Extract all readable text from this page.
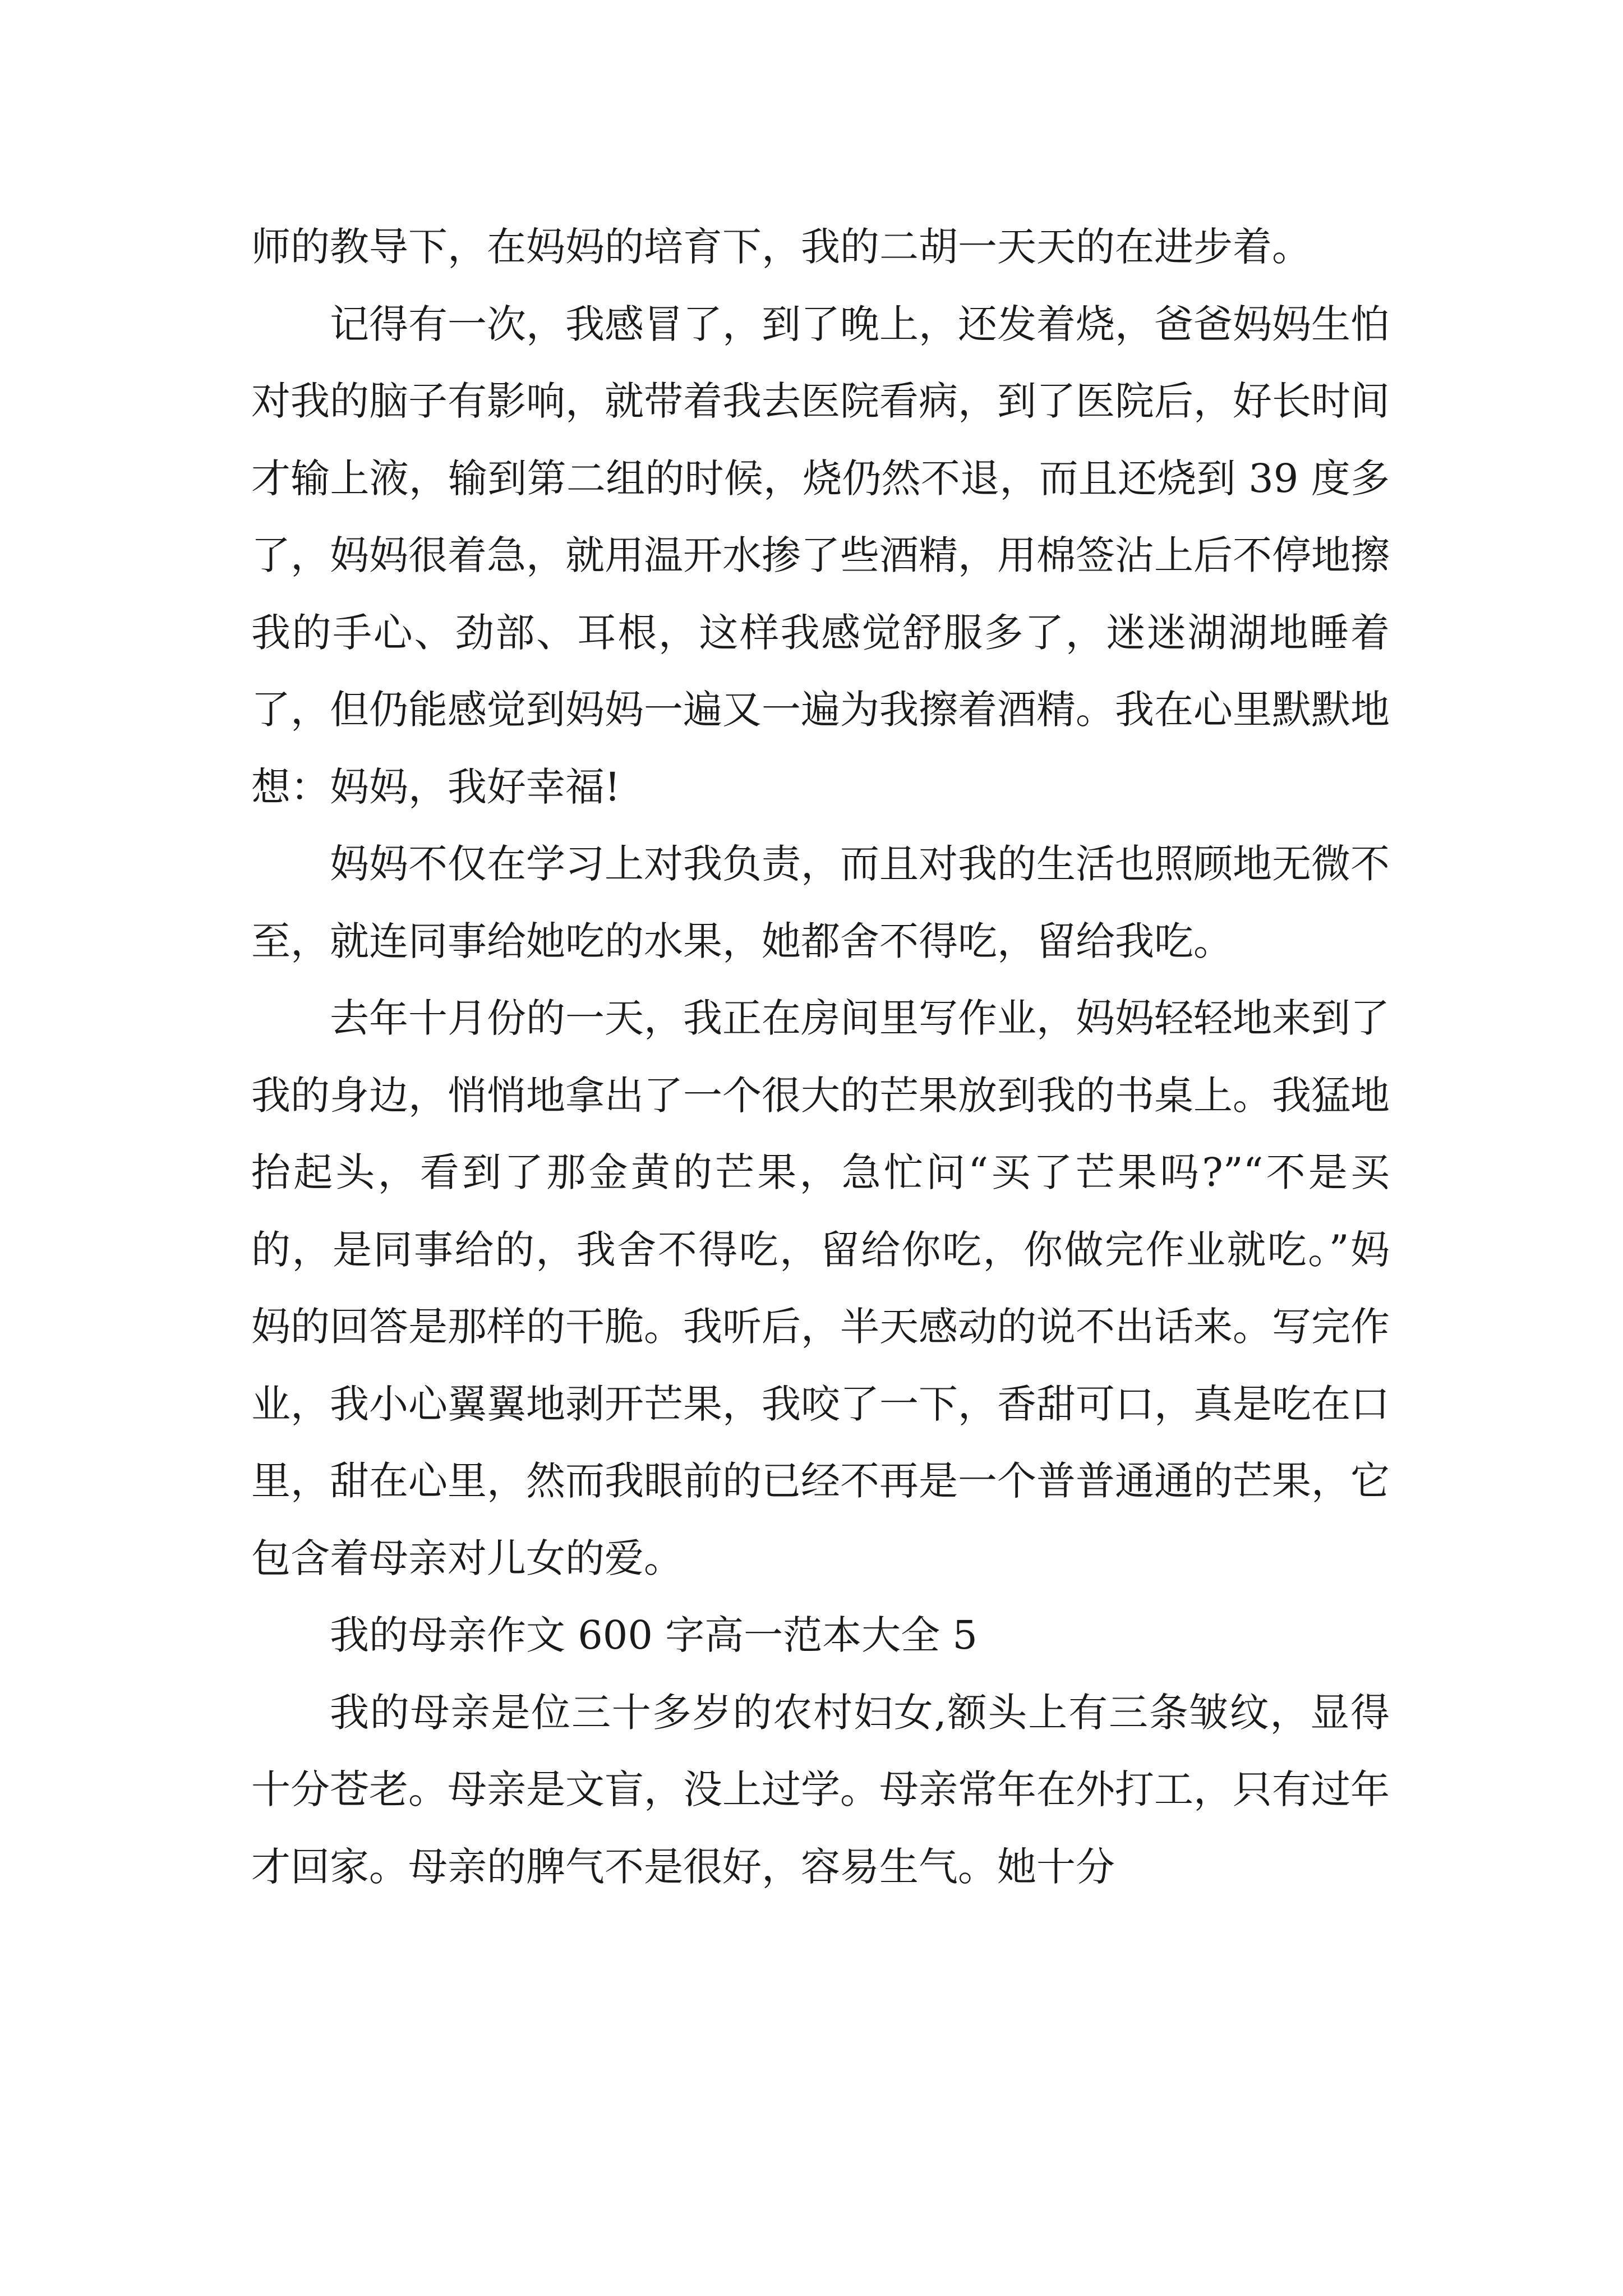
师的教导下，在妈妈的培育下，我的二胡一天天的在进步着。

记得有一次，我感冒了，到了晚上，还发着烧，爸爸妈妈生怕对我的脑子有影响，就带着我去医院看病，到了医院后，好长时间才输上液，输到第二组的时候，烧仍然不退，而且还烧到 39 度多了，妈妈很着急，就用温开水掺了些酒精，用棉签沾上后不停地擦我的手心、劲部、耳根，这样我感觉舒服多了，迷迷湖湖地睡着了，但仍能感觉到妈妈一遍又一遍为我擦着酒精。我在心里默默地想：妈妈，我好幸福!

妈妈不仅在学习上对我负责，而且对我的生活也照顾地无微不至，就连同事给她吃的水果，她都舍不得吃，留给我吃。

去年十月份的一天，我正在房间里写作业，妈妈轻轻地来到了我的身边，悄悄地拿出了一个很大的芒果放到我的书桌上。我猛地抬起头，看到了那金黄的芒果，急忙问“买了芒果吗?”“不是买的，是同事给的，我舍不得吃，留给你吃，你做完作业就吃。”妈妈的回答是那样的干脆。我听后，半天感动的说不出话来。写完作业，我小心翼翼地剥开芒果，我咬了一下，香甜可口，真是吃在口里，甜在心里，然而我眼前的已经不再是一个普普通通的芒果，它包含着母亲对儿女的爱。

我的母亲作文 600 字高一范本大全 5

我的母亲是位三十多岁的农村妇女,额头上有三条皱纹，显得十分苍老。母亲是文盲，没上过学。母亲常年在外打工，只有过年才回家。母亲的脾气不是很好，容易生气。她十分
